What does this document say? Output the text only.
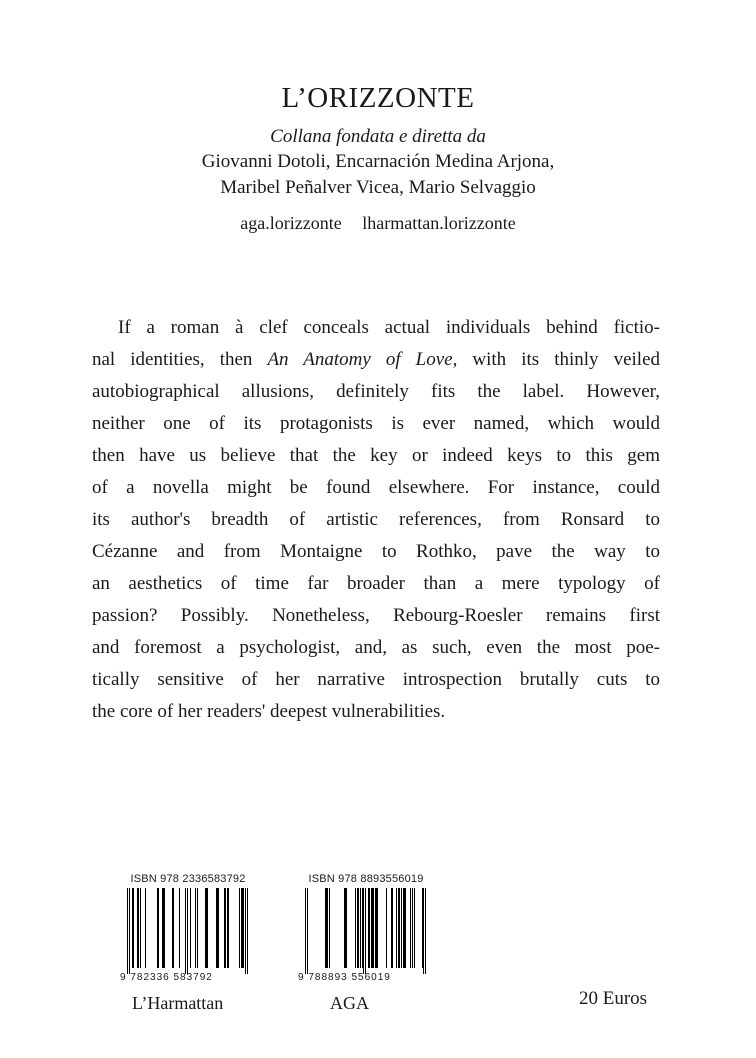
L’ORIZZONTE
Collana fondata e diretta da
Giovanni Dotoli, Encarnación Medina Arjona,
Maribel Peñalver Vicea, Mario Selvaggio
aga.lorizzonte lharmattan.lorizzonte
If a roman à clef conceals actual individuals behind fictio-
nal identities, then An Anatomy of Love, with its thinly veiled
autobiographical allusions, definitely fits the label. However,
neither one of its protagonists is ever named, which would
then have us believe that the key or indeed keys to this gem
of a novella might be found elsewhere. For instance, could
its author's breadth of artistic references, from Ronsard to
Cézanne and from Montaigne to Rothko, pave the way to
an aesthetics of time far broader than a mere typology of
passion? Possibly. Nonetheless, Rebourg-Roesler remains first
and foremost a psychologist, and, as such, even the most poe-
tically sensitive of her narrative introspection brutally cuts to
the core of her readers' deepest vulnerabilities.
ISBN 978 2336583792
9 782336 583792
ISBN 978 8893556019
9 788893 556019
L’Harmattan	AGA	20 Euros
